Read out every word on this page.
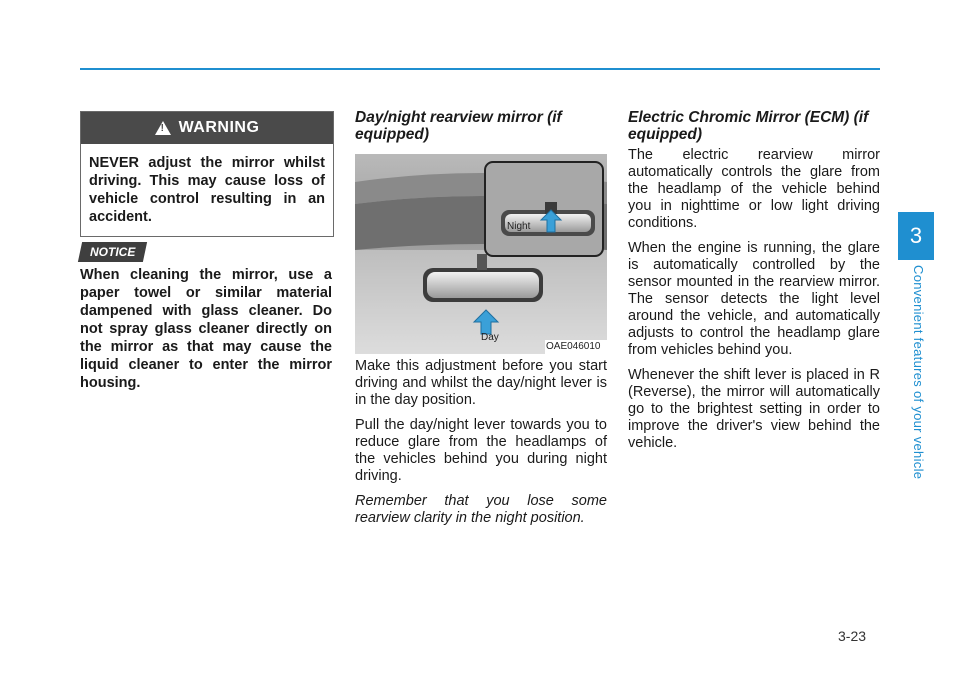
!
WARNING
NEVER adjust the mirror whilst driving. This may cause loss of vehicle control resulting in an accident.
NOTICE
When cleaning the mirror, use a paper towel or similar material dampened with glass cleaner. Do not spray glass cleaner directly on the mirror as that may cause the liquid cleaner to enter the mirror housing.
Day/night rearview mirror (if equipped)
Night
Day
OAE046010

Make this adjustment before you start driving and whilst the day/night lever is in the day position.

Pull the day/night lever towards you to reduce glare from the headlamps of the vehicles behind you during night driving.

Remember that you lose some rearview clarity in the night position.

Electric Chromic Mirror (ECM) (if equipped)

The electric rearview mirror automatically controls the glare from the headlamp of the vehicle behind you in nighttime or low light driving conditions.

When the engine is running, the glare is automatically controlled by the sensor mounted in the rearview mirror. The sensor detects the light level around the vehicle, and automatically adjusts to control the headlamp glare from vehicles behind you.

Whenever the shift lever is placed in R (Reverse), the mirror will automatically go to the brightest setting in order to improve the driver's view behind the vehicle.

3
Convenient features of your vehicle
3-23
